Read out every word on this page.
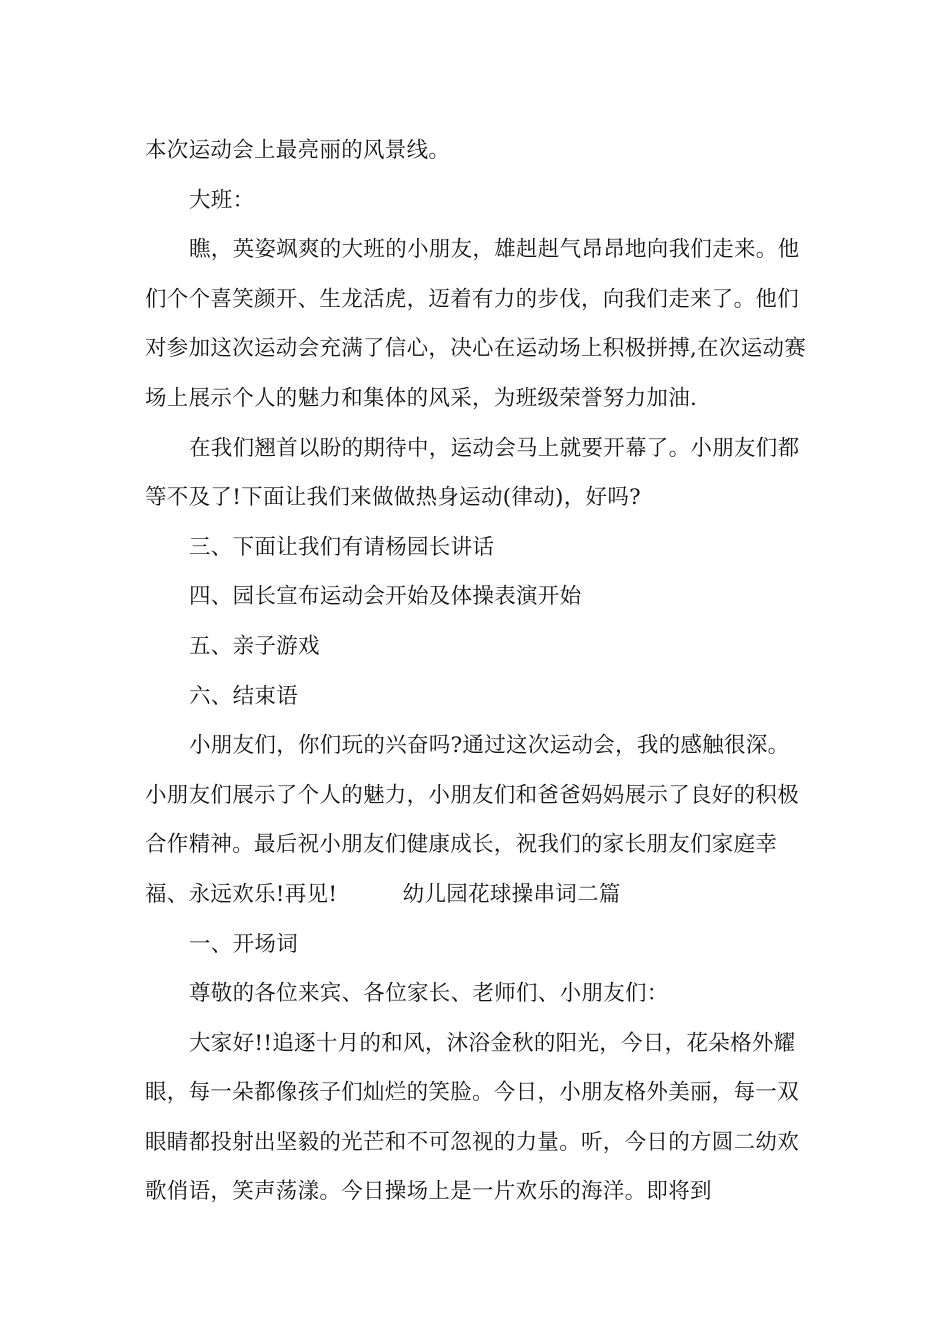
本次运动会上最亮丽的风景线。

大班：

瞧，英姿飒爽的大班的小朋友，雄赳赳气昂昂地向我们走来。他们个个喜笑颜开、生龙活虎，迈着有力的步伐，向我们走来了。他们对参加这次运动会充满了信心，决心在运动场上积极拼搏,在次运动赛场上展示个人的魅力和集体的风采，为班级荣誉努力加油.

在我们翘首以盼的期待中，运动会马上就要开幕了。小朋友们都等不及了!下面让我们来做做热身运动(律动)，好吗?

三、下面让我们有请杨园长讲话

四、园长宣布运动会开始及体操表演开始

五、亲子游戏

六、结束语

小朋友们，你们玩的兴奋吗?通过这次运动会，我的感触很深。小朋友们展示了个人的魅力，小朋友们和爸爸妈妈展示了良好的积极合作精神。最后祝小朋友们健康成长，祝我们的家长朋友们家庭幸福、永远欢乐!再见!　　　幼儿园花球操串词二篇

一、开场词

尊敬的各位来宾、各位家长、老师们、小朋友们：

大家好!!追逐十月的和风，沐浴金秋的阳光，今日，花朵格外耀眼，每一朵都像孩子们灿烂的笑脸。今日，小朋友格外美丽，每一双眼睛都投射出坚毅的光芒和不可忽视的力量。听，今日的方圆二幼欢歌俏语，笑声荡漾。今日操场上是一片欢乐的海洋。即将到
